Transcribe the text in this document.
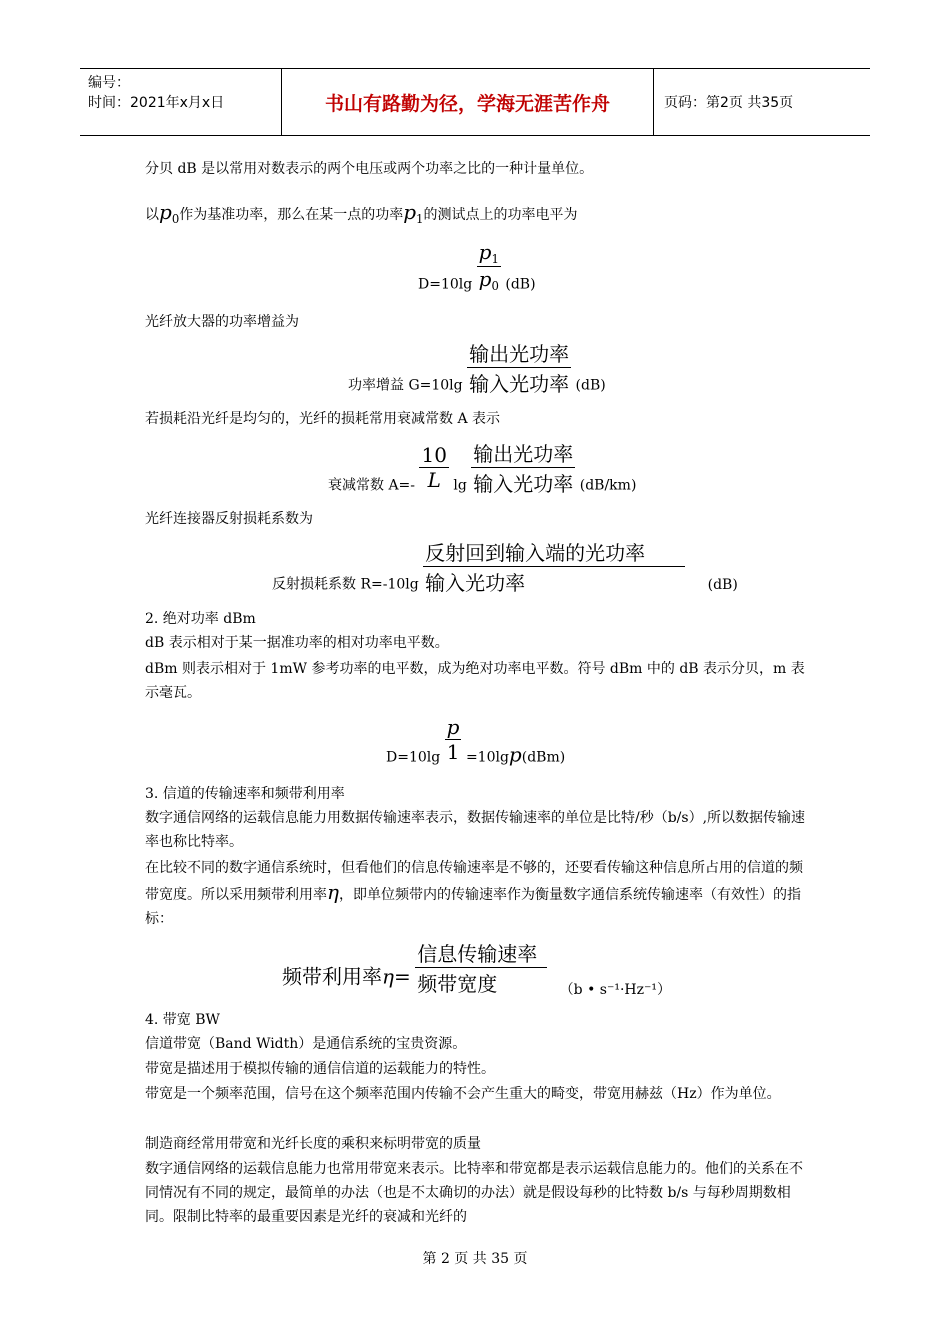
编号：
时间：2021年x月x日	书山有路勤为径，学海无涯苦作舟	页码：第2页 共35页
分贝 dB 是以常用对数表示的两个电压或两个功率之比的一种计量单位。
以$p_0$作为基准功率，那么在某一点的功率$p_1$的测试点上的功率电平为
$D=10\lg \frac{p_1}{p_0} (dB)$
光纤放大器的功率增益为
功率增益 $G=10\lg \frac{\text{输出光功率}}{\text{输入光功率}} (dB)$
若损耗沿光纤是均匀的，光纤的损耗常用衰减常数 A 表示
衰减常数 $A=- \frac{10}{L}$ $\lg \frac{\text{输出光功率}}{\text{输入光功率}} (dB/km)$
光纤连接器反射损耗系数为
反射损耗系数 $R=-10\lg \frac{\text{反射回到输入端的光功率}}{\text{输入光功率}} (dB)$
2. 绝对功率 dBm
dB 表示相对于某一据准功率的相对功率电平数。
dBm 则表示相对于 1mW 参考功率的电平数，成为绝对功率电平数。符号 dBm 中的 dB 表示分贝，m 表示毫瓦。
$D=10\lg \frac{p}{1} =10\lg p(dBm)$
3. 信道的传输速率和频带利用率
数字通信网络的运载信息能力用数据传输速率表示，数据传输速率的单位是比特/秒（b/s）,所以数据传输速率也称比特率。
在比较不同的数字通信系统时，但看他们的信息传输速率是不够的，还要看传输这种信息所占用的信道的频带宽度。所以采用频带利用率η，即单位频带内的传输速率作为衡量数字通信系统传输速率（有效性）的指标：
频带利用率$\eta= \frac{\text{信息传输速率}}{\text{频带宽度}} (b$ • s⁻¹·Hz⁻¹）
4. 带宽 BW
信道带宽（Band Width）是通信系统的宝贵资源。
带宽是描述用于模拟传输的通信信道的运载能力的特性。
带宽是一个频率范围，信号在这个频率范围内传输不会产生重大的畸变，带宽用赫兹（Hz）作为单位。
制造商经常用带宽和光纤长度的乘积来标明带宽的质量
数字通信网络的运载信息能力也常用带宽来表示。比特率和带宽都是表示运载信息能力的。他们的关系在不同情况有不同的规定，最简单的办法（也是不太确切的办法）就是假设每秒的比特数 b/s 与每秒周期数相同。限制比特率的最重要因素是光纤的衰减和光纤的
第 2 页 共 35 页
